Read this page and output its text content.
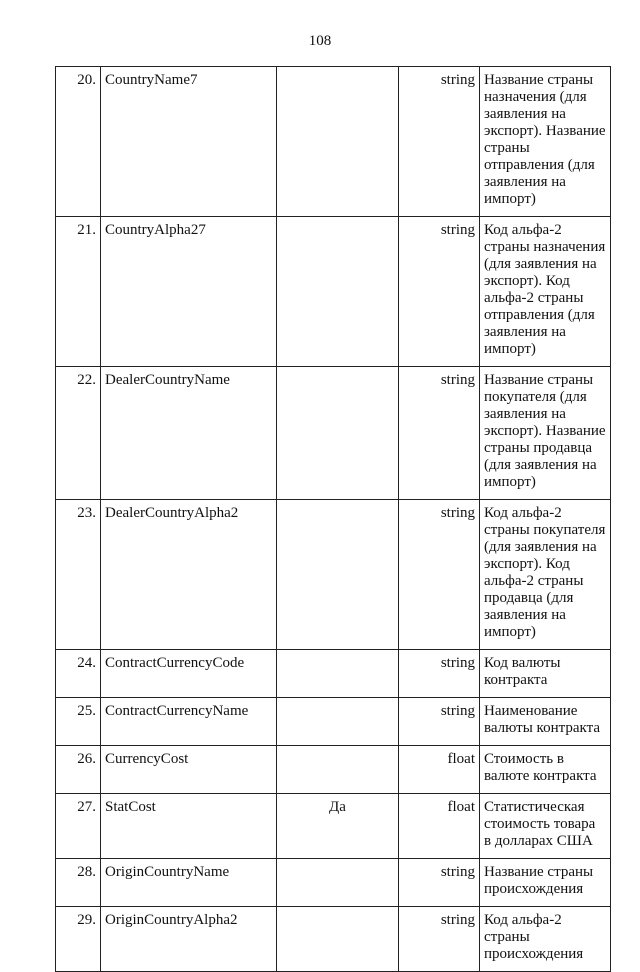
108
20.	CountryName7		string	Название страны назначения (для заявления на экспорт). Название страны отправления (для заявления на импорт)
21.	CountryAlpha27		string	Код альфа-2 страны назначения (для заявления на экспорт). Код альфа-2 страны отправления (для заявления на импорт)
22.	DealerCountryName		string	Название страны покупателя (для заявления на экспорт). Название страны продавца (для заявления на импорт)
23.	DealerCountryAlpha2		string	Код альфа-2 страны покупателя (для заявления на экспорт). Код альфа-2 страны продавца (для заявления на импорт)
24.	ContractCurrencyCode		string	Код валюты контракта
25.	ContractCurrencyName		string	Наименование валюты контракта
26.	CurrencyCost		float	Стоимость в валюте контракта
27.	StatCost	Да	float	Статистическая стоимость товара в долларах США
28.	OriginCountryName		string	Название страны происхождения
29.	OriginCountryAlpha2		string	Код альфа-2 страны происхождения
